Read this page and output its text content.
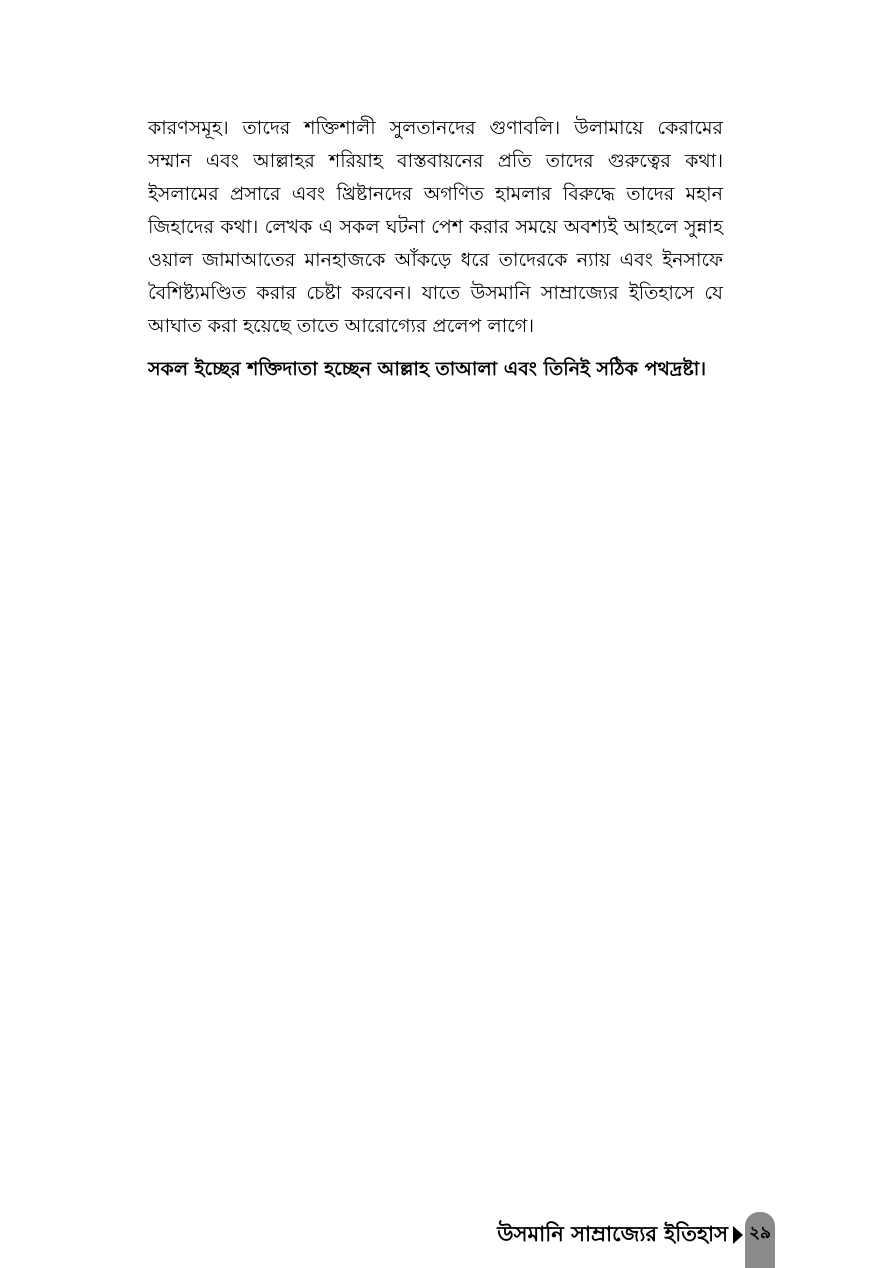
কারণসমূহ। তাদের শক্তিশালী সুলতানদের গুণাবলি। উলামায়ে কেরামের সম্মান এবং আল্লাহর শরিয়াহ বাস্তবায়নের প্রতি তাদের গুরুত্বের কথা। ইসলামের প্রসারে এবং খ্রিষ্টানদের অগণিত হামলার বিরুদ্ধে তাদের মহান জিহাদের কথা। লেখক এ সকল ঘটনা পেশ করার সময়ে অবশ্যই আহলে সুন্নাহ ওয়াল জামাআতের মানহাজকে আঁকড়ে ধরে তাদেরকে ন্যায় এবং ইনসাফে বৈশিষ্ট্যমণ্ডিত করার চেষ্টা করবেন। যাতে উসমানি সাম্রাজ্যের ইতিহাসে যে আঘাত করা হয়েছে তাতে আরোগ্যের প্রলেপ লাগে।

সকল ইচ্ছের শক্তিদাতা হচ্ছেন আল্লাহ তাআলা এবং তিনিই সঠিক পথদ্রষ্টা।

উসমানি সাম্রাজ্যের ইতিহাস ২৯
